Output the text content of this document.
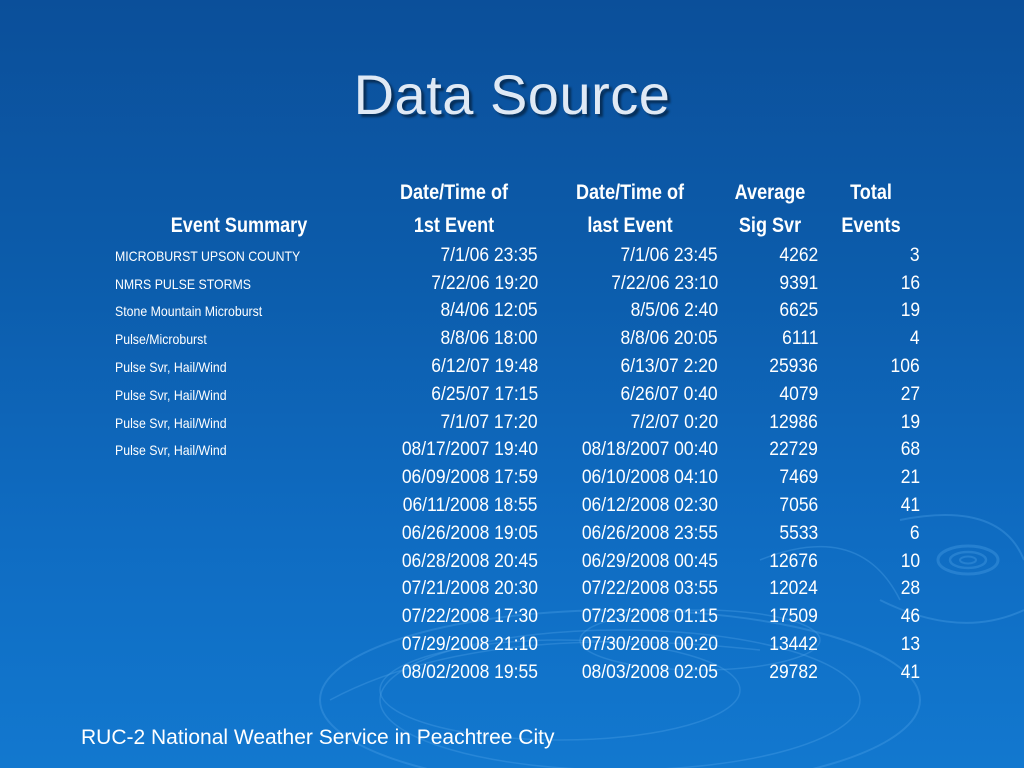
Data Source
	Date/Time of	Date/Time of	Average	Total
Event Summary	1st Event	last Event	Sig Svr	Events
MICROBURST UPSON COUNTY	7/1/06 23:35	7/1/06 23:45	4262	3
NMRS PULSE STORMS	7/22/06 19:20	7/22/06 23:10	9391	16
Stone Mountain Microburst	8/4/06 12:05	8/5/06 2:40	6625	19
Pulse/Microburst	8/8/06 18:00	8/8/06 20:05	6111	4
Pulse Svr, Hail/Wind	6/12/07 19:48	6/13/07 2:20	25936	106
Pulse Svr, Hail/Wind	6/25/07 17:15	6/26/07 0:40	4079	27
Pulse Svr, Hail/Wind	7/1/07 17:20	7/2/07 0:20	12986	19
Pulse Svr, Hail/Wind	08/17/2007 19:40	08/18/2007 00:40	22729	68
	06/09/2008 17:59	06/10/2008 04:10	7469	21
	06/11/2008 18:55	06/12/2008 02:30	7056	41
	06/26/2008 19:05	06/26/2008 23:55	5533	6
	06/28/2008 20:45	06/29/2008 00:45	12676	10
	07/21/2008 20:30	07/22/2008 03:55	12024	28
	07/22/2008 17:30	07/23/2008 01:15	17509	46
	07/29/2008 21:10	07/30/2008 00:20	13442	13
	08/02/2008 19:55	08/03/2008 02:05	29782	41
RUC-2 National Weather Service in Peachtree City
